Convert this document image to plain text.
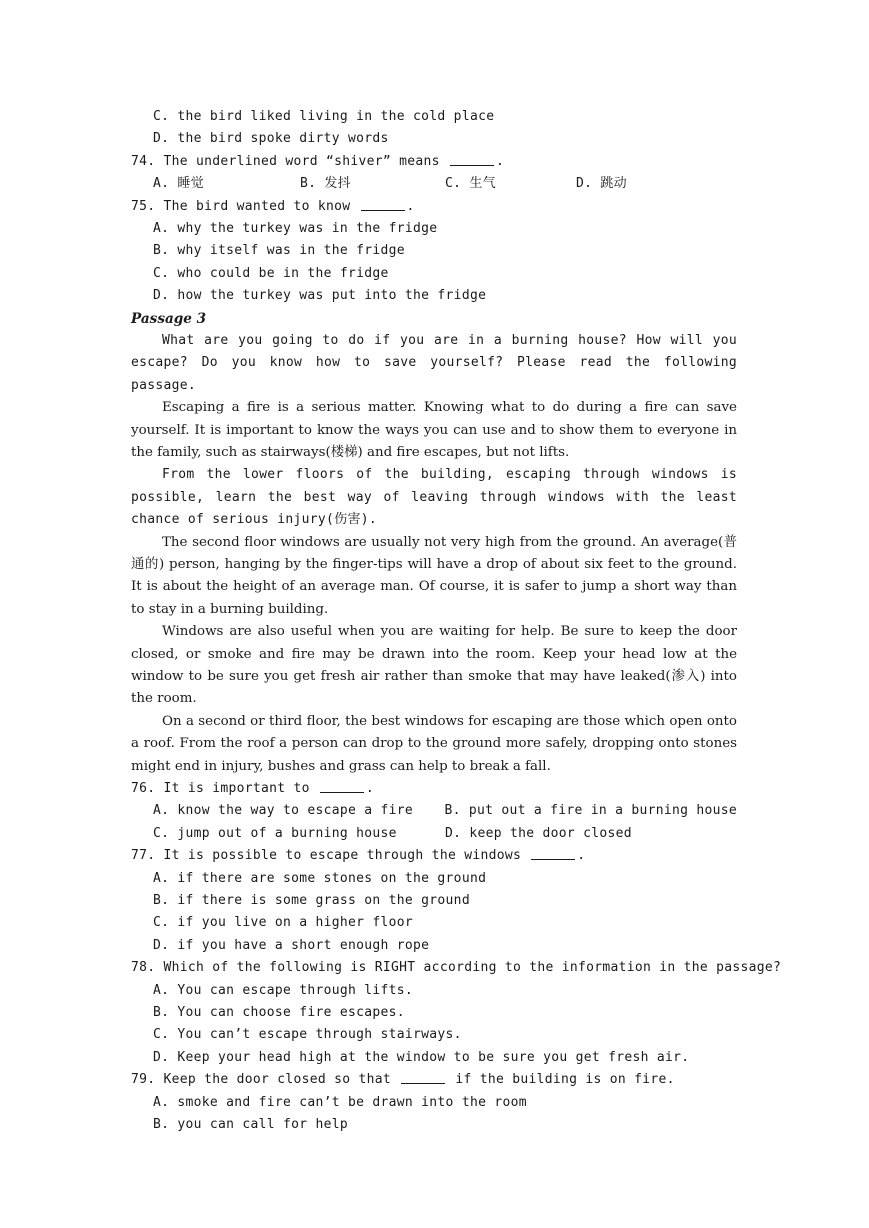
C. the bird liked living in the cold place
D. the bird spoke dirty words
74. The underlined word “shiver” means	.
A. 睡觉	B. 发抖	C. 生气	D. 跳动
75. The bird wanted to know	.
A. why the turkey was in the fridge
B. why itself was in the fridge
C. who could be in the fridge
D. how the turkey was put into the fridge
Passage 3
What are you going to do if you are in a burning house? How will you escape? Do you know how to save yourself? Please read the following passage.
Escaping a fire is a serious matter. Knowing what to do during a fire can save yourself. It is important to know the ways you can use and to show them to everyone in the family, such as stairways(楼梯) and fire escapes, but not lifts.
From the lower floors of the building, escaping through windows is possible, learn the best way of leaving through windows with the least chance of serious injury(伤害).
The second floor windows are usually not very high from the ground. An average(普通的) person, hanging by the finger-tips will have a drop of about six feet to the ground. It is about the height of an average man. Of course, it is safer to jump a short way than to stay in a burning building.
Windows are also useful when you are waiting for help. Be sure to keep the door closed, or smoke and fire may be drawn into the room. Keep your head low at the window to be sure you get fresh air rather than smoke that may have leaked(渗入) into the room.
On a second or third floor, the best windows for escaping are those which open onto a roof. From the roof a person can drop to the ground more safely, dropping onto stones might end in injury, bushes and grass can help to break a fall.
76. It is important to	.
A. know the way to escape a fire	B. put out a fire in a burning house
C. jump out of a burning house	D. keep the door closed
77. It is possible to escape through the windows	.
A. if there are some stones on the ground
B. if there is some grass on the ground
C. if you live on a higher floor
D. if you have a short enough rope
78. Which of the following is RIGHT according to the information in the passage?
A. You can escape through lifts.
B. You can choose fire escapes.
C. You can’t escape through stairways.
D. Keep your head high at the window to be sure you get fresh air.
79. Keep the door closed so that	if the building is on fire.
A. smoke and fire can’t be drawn into the room
B. you can call for help
